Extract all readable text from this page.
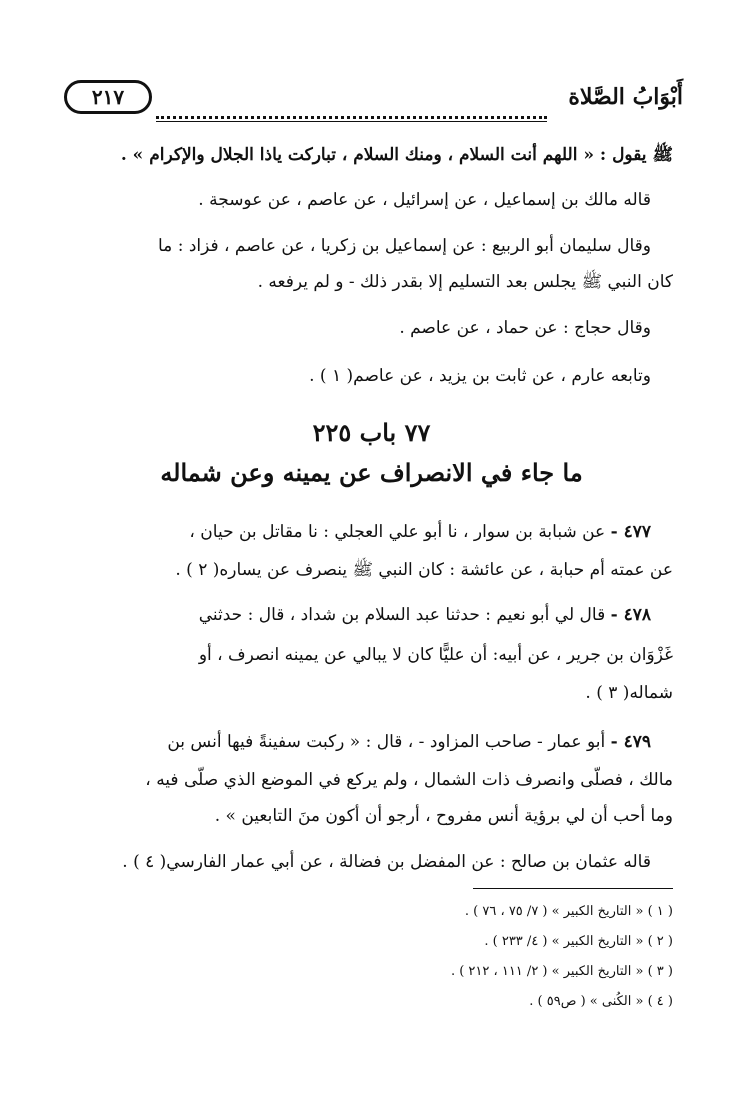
أَبْوَابُ الصَّلاة
٢١٧
ﷺ يقول : « اللهم أنت السلام ، ومنك السلام ، تباركت ياذا الجلال والإكرام » .
قاله مالك بن إسماعيل ، عن إسرائيل ، عن عاصم ، عن عوسجة .
وقال سليمان أبو الربيع : عن إسماعيل بن زكريا ، عن عاصم ، فزاد : ما
كان النبي ﷺ يجلس بعد التسليم إلا بقدر ذلك - و لم يرفعه .
وقال حجاج : عن حماد ، عن عاصم .
وتابعه عارم ، عن ثابت بن يزيد ، عن عاصم( ١ ) .
٧٧ باب ٢٢٥
ما جاء في الانصراف عن يمينه وعن شماله
٤٧٧ - عن شبابة بن سوار ، نا أبو علي العجلي : نا مقاتل بن حيان ،
عن عمته أم حبابة ، عن عائشة : كان النبي ﷺ ينصرف عن يساره( ٢ ) .
٤٧٨ - قال لي أبو نعيم : حدثنا عبد السلام بن شداد ، قال : حدثني
غَزْوَان بن جرير ، عن أبيه: أن عليًّا كان لا يبالي عن يمينه انصرف ، أو
شماله( ٣ ) .
٤٧٩ - أبو عمار - صاحب المزاود - ، قال : « ركبت سفينةً فيها أنس بن
مالك ، فصلّى وانصرف ذات الشمال ، ولم يركع في الموضع الذي صلّى فيه ،
وما أحب أن لي برؤية أنس مفروح ، أرجو أن أكون منَ التابعين » .
قاله عثمان بن صالح : عن المفضل بن فضالة ، عن أبي عمار الفارسي( ٤ ) .
( ١ ) « التاريخ الكبير » ( ٧/ ٧٥ ، ٧٦ ) .
( ٢ ) « التاريخ الكبير » ( ٤/ ٢٣٣ ) .
( ٣ ) « التاريخ الكبير » ( ٢/ ١١١ ، ٢١٢ ) .
( ٤ ) « الكُنى » ( ص٥٩ ) .
